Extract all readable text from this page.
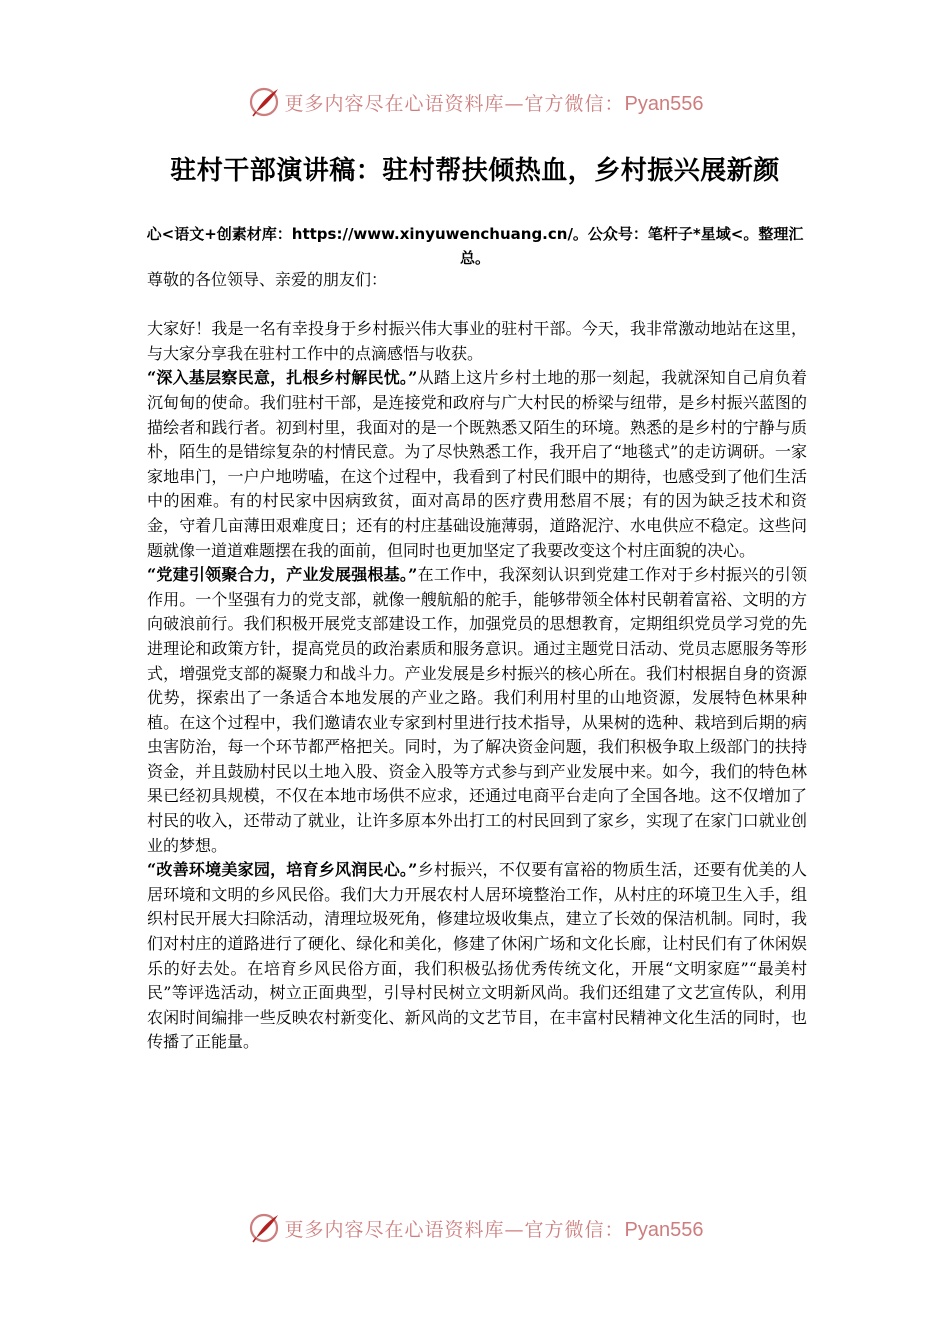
更多内容尽在心语资料库—官方微信：Pyan556
驻村干部演讲稿：驻村帮扶倾热血，乡村振兴展新颜
心<语文+创素材库：https://www.xinyuwenchuang.cn/。公众号：笔杆子*星域<。整理汇总。

尊敬的各位领导、亲爱的朋友们：

大家好！我是一名有幸投身于乡村振兴伟大事业的驻村干部。今天，我非常激动地站在这里，与大家分享我在驻村工作中的点滴感悟与收获。

“深入基层察民意，扎根乡村解民忧。”从踏上这片乡村土地的那一刻起，我就深知自己肩负着沉甸甸的使命。我们驻村干部，是连接党和政府与广大村民的桥梁与纽带，是乡村振兴蓝图的描绘者和践行者。初到村里，我面对的是一个既熟悉又陌生的环境。熟悉的是乡村的宁静与质朴，陌生的是错综复杂的村情民意。为了尽快熟悉工作，我开启了“地毯式”的走访调研。一家家地串门，一户户地唠嗑，在这个过程中，我看到了村民们眼中的期待，也感受到了他们生活中的困难。有的村民家中因病致贫，面对高昂的医疗费用愁眉不展；有的因为缺乏技术和资金，守着几亩薄田艰难度日；还有的村庄基础设施薄弱，道路泥泞、水电供应不稳定。这些问题就像一道道难题摆在我的面前，但同时也更加坚定了我要改变这个村庄面貌的决心。

“党建引领聚合力，产业发展强根基。”在工作中，我深刻认识到党建工作对于乡村振兴的引领作用。一个坚强有力的党支部，就像一艘航船的舵手，能够带领全体村民朝着富裕、文明的方向破浪前行。我们积极开展党支部建设工作，加强党员的思想教育，定期组织党员学习党的先进理论和政策方针，提高党员的政治素质和服务意识。通过主题党日活动、党员志愿服务等形式，增强党支部的凝聚力和战斗力。产业发展是乡村振兴的核心所在。我们村根据自身的资源优势，探索出了一条适合本地发展的产业之路。我们利用村里的山地资源，发展特色林果种植。在这个过程中，我们邀请农业专家到村里进行技术指导，从果树的选种、栽培到后期的病虫害防治，每一个环节都严格把关。同时，为了解决资金问题，我们积极争取上级部门的扶持资金，并且鼓励村民以土地入股、资金入股等方式参与到产业发展中来。如今，我们的特色林果已经初具规模，不仅在本地市场供不应求，还通过电商平台走向了全国各地。这不仅增加了村民的收入，还带动了就业，让许多原本外出打工的村民回到了家乡，实现了在家门口就业创业的梦想。

“改善环境美家园，培育乡风润民心。”乡村振兴，不仅要有富裕的物质生活，还要有优美的人居环境和文明的乡风民俗。我们大力开展农村人居环境整治工作，从村庄的环境卫生入手，组织村民开展大扫除活动，清理垃圾死角，修建垃圾收集点，建立了长效的保洁机制。同时，我们对村庄的道路进行了硬化、绿化和美化，修建了休闲广场和文化长廊，让村民们有了休闲娱乐的好去处。在培育乡风民俗方面，我们积极弘扬优秀传统文化，开展“文明家庭”“最美村民”等评选活动，树立正面典型，引导村民树立文明新风尚。我们还组建了文艺宣传队，利用农闲时间编排一些反映农村新变化、新风尚的文艺节目，在丰富村民精神文化生活的同时，也传播了正能量。

更多内容尽在心语资料库—官方微信：Pyan556
